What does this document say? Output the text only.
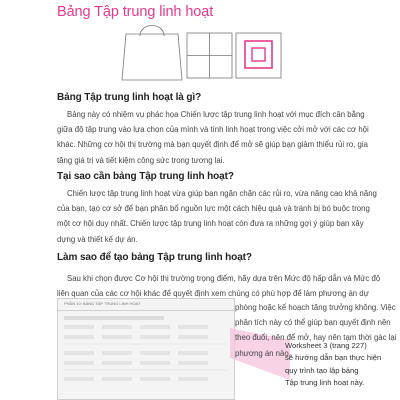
Bảng Tập trung linh hoạt
Bảng Tập trung linh hoạt là gì?

Bảng này có nhiệm vụ phác họa Chiến lược tập trung linh hoạt với mục đích cân bằng
giữa độ tập trung vào lựa chọn của mình và tính linh hoạt trong việc cởi mở với các cơ hội
khác. Những cơ hội thị trường mà bạn quyết định để mở sẽ giúp bạn giảm thiểu rủi ro, gia
tăng giá trị và tiết kiệm công sức trong tương lai.

Tại sao cần bảng Tập trung linh hoạt?

Chiến lược tập trung linh hoạt vừa giúp bạn ngăn chặn các rủi ro, vừa nâng cao khả năng
của bạn, tạo cơ sở để bạn phân bổ nguồn lực một cách hiệu quả và tránh bị bó buộc trong
một cơ hội duy nhất. Chiến lược tập trung linh hoạt còn đưa ra những gợi ý giúp bạn xây
dựng và thiết kế dự án.

Làm sao để tạo bảng Tập trung linh hoạt?

Sau khi chọn được Cơ hội thị trường trọng điểm, hãy dựa trên Mức độ hấp dẫn và Mức độ
liên quan của các cơ hội khác để quyết định xem chúng có phù hợp để làm phương án dự

PHẦN 10: BẢNG TẬP TRUNG LINH HOẠT	phòng hoặc kế hoạch tăng trưởng không. Việc
phân tích này có thể giúp bạn quyết định nên
theo đuổi, nên để mở, hay nên tạm thời gác lại
phương án nào.

Worksheet 3 (trang 227)
sẽ hướng dẫn bạn thực hiện
quy trình tạo lập bảng
Tập trung linh hoạt này.
